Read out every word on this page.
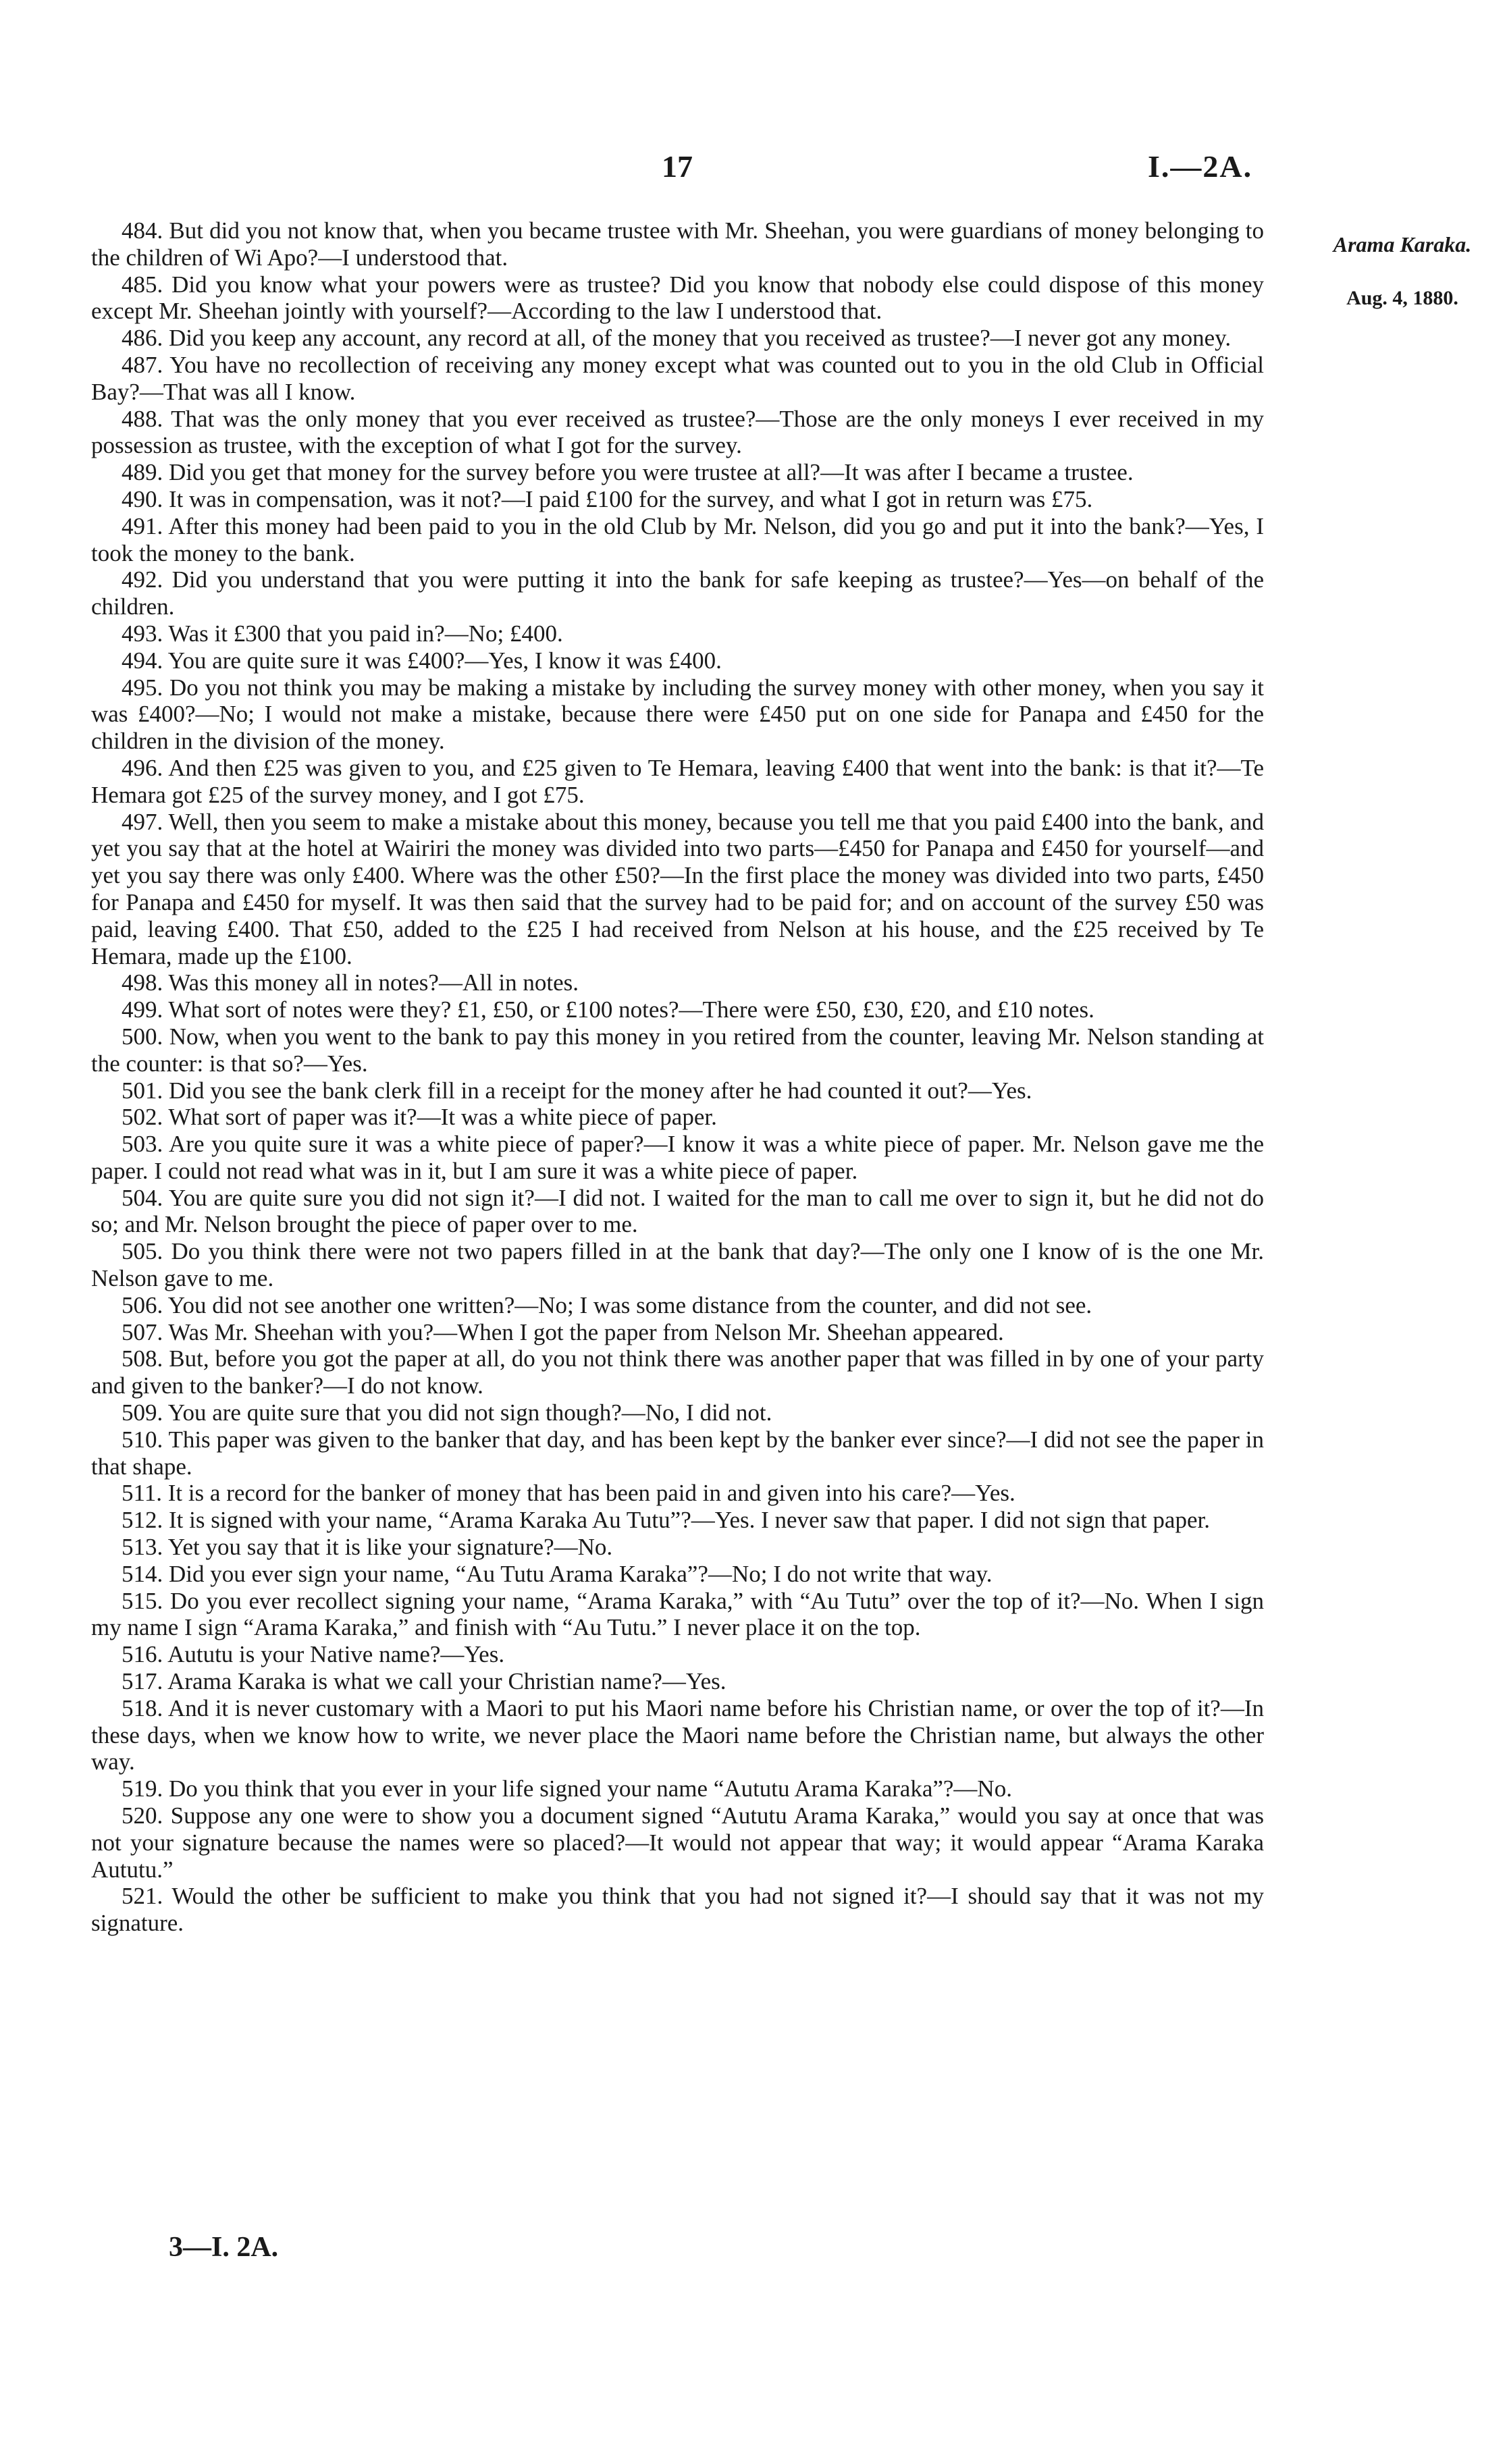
17	I.—2A.
Arama Karaka.
Aug. 4, 1880.

484. But did you not know that, when you became trustee with Mr. Sheehan, you were guardians of money belonging to the children of Wi Apo?—I understood that.

485. Did you know what your powers were as trustee? Did you know that nobody else could dispose of this money except Mr. Sheehan jointly with yourself?—According to the law I understood that.

486. Did you keep any account, any record at all, of the money that you received as trustee?—I never got any money.

487. You have no recollection of receiving any money except what was counted out to you in the old Club in Official Bay?—That was all I know.

488. That was the only money that you ever received as trustee?—Those are the only moneys I ever received in my possession as trustee, with the exception of what I got for the survey.

489. Did you get that money for the survey before you were trustee at all?—It was after I became a trustee.

490. It was in compensation, was it not?—I paid £100 for the survey, and what I got in return was £75.

491. After this money had been paid to you in the old Club by Mr. Nelson, did you go and put it into the bank?—Yes, I took the money to the bank.

492. Did you understand that you were putting it into the bank for safe keeping as trustee?—Yes—on behalf of the children.

493. Was it £300 that you paid in?—No; £400.

494. You are quite sure it was £400?—Yes, I know it was £400.

495. Do you not think you may be making a mistake by including the survey money with other money, when you say it was £400?—No; I would not make a mistake, because there were £450 put on one side for Panapa and £450 for the children in the division of the money.

496. And then £25 was given to you, and £25 given to Te Hemara, leaving £400 that went into the bank: is that it?—Te Hemara got £25 of the survey money, and I got £75.

497. Well, then you seem to make a mistake about this money, because you tell me that you paid £400 into the bank, and yet you say that at the hotel at Wairiri the money was divided into two parts—£450 for Panapa and £450 for yourself—and yet you say there was only £400. Where was the other £50?—In the first place the money was divided into two parts, £450 for Panapa and £450 for myself. It was then said that the survey had to be paid for; and on account of the survey £50 was paid, leaving £400. That £50, added to the £25 I had received from Nelson at his house, and the £25 received by Te Hemara, made up the £100.

498. Was this money all in notes?—All in notes.

499. What sort of notes were they? £1, £50, or £100 notes?—There were £50, £30, £20, and £10 notes.

500. Now, when you went to the bank to pay this money in you retired from the counter, leaving Mr. Nelson standing at the counter: is that so?—Yes.

501. Did you see the bank clerk fill in a receipt for the money after he had counted it out?—Yes.

502. What sort of paper was it?—It was a white piece of paper.

503. Are you quite sure it was a white piece of paper?—I know it was a white piece of paper. Mr. Nelson gave me the paper. I could not read what was in it, but I am sure it was a white piece of paper.

504. You are quite sure you did not sign it?—I did not. I waited for the man to call me over to sign it, but he did not do so; and Mr. Nelson brought the piece of paper over to me.

505. Do you think there were not two papers filled in at the bank that day?—The only one I know of is the one Mr. Nelson gave to me.

506. You did not see another one written?—No; I was some distance from the counter, and did not see.

507. Was Mr. Sheehan with you?—When I got the paper from Nelson Mr. Sheehan appeared.

508. But, before you got the paper at all, do you not think there was another paper that was filled in by one of your party and given to the banker?—I do not know.

509. You are quite sure that you did not sign though?—No, I did not.

510. This paper was given to the banker that day, and has been kept by the banker ever since?—I did not see the paper in that shape.

511. It is a record for the banker of money that has been paid in and given into his care?—Yes.

512. It is signed with your name, “Arama Karaka Au Tutu”?—Yes. I never saw that paper. I did not sign that paper.

513. Yet you say that it is like your signature?—No.

514. Did you ever sign your name, “Au Tutu Arama Karaka”?—No; I do not write that way.

515. Do you ever recollect signing your name, “Arama Karaka,” with “Au Tutu” over the top of it?—No. When I sign my name I sign “Arama Karaka,” and finish with “Au Tutu.” I never place it on the top.

516. Aututu is your Native name?—Yes.

517. Arama Karaka is what we call your Christian name?—Yes.

518. And it is never customary with a Maori to put his Maori name before his Christian name, or over the top of it?—In these days, when we know how to write, we never place the Maori name before the Christian name, but always the other way.

519. Do you think that you ever in your life signed your name “Aututu Arama Karaka”?—No.

520. Suppose any one were to show you a document signed “Aututu Arama Karaka,” would you say at once that was not your signature because the names were so placed?—It would not appear that way; it would appear “Arama Karaka Aututu.”

521. Would the other be sufficient to make you think that you had not signed it?—I should say that it was not my signature.

3—I. 2A.
